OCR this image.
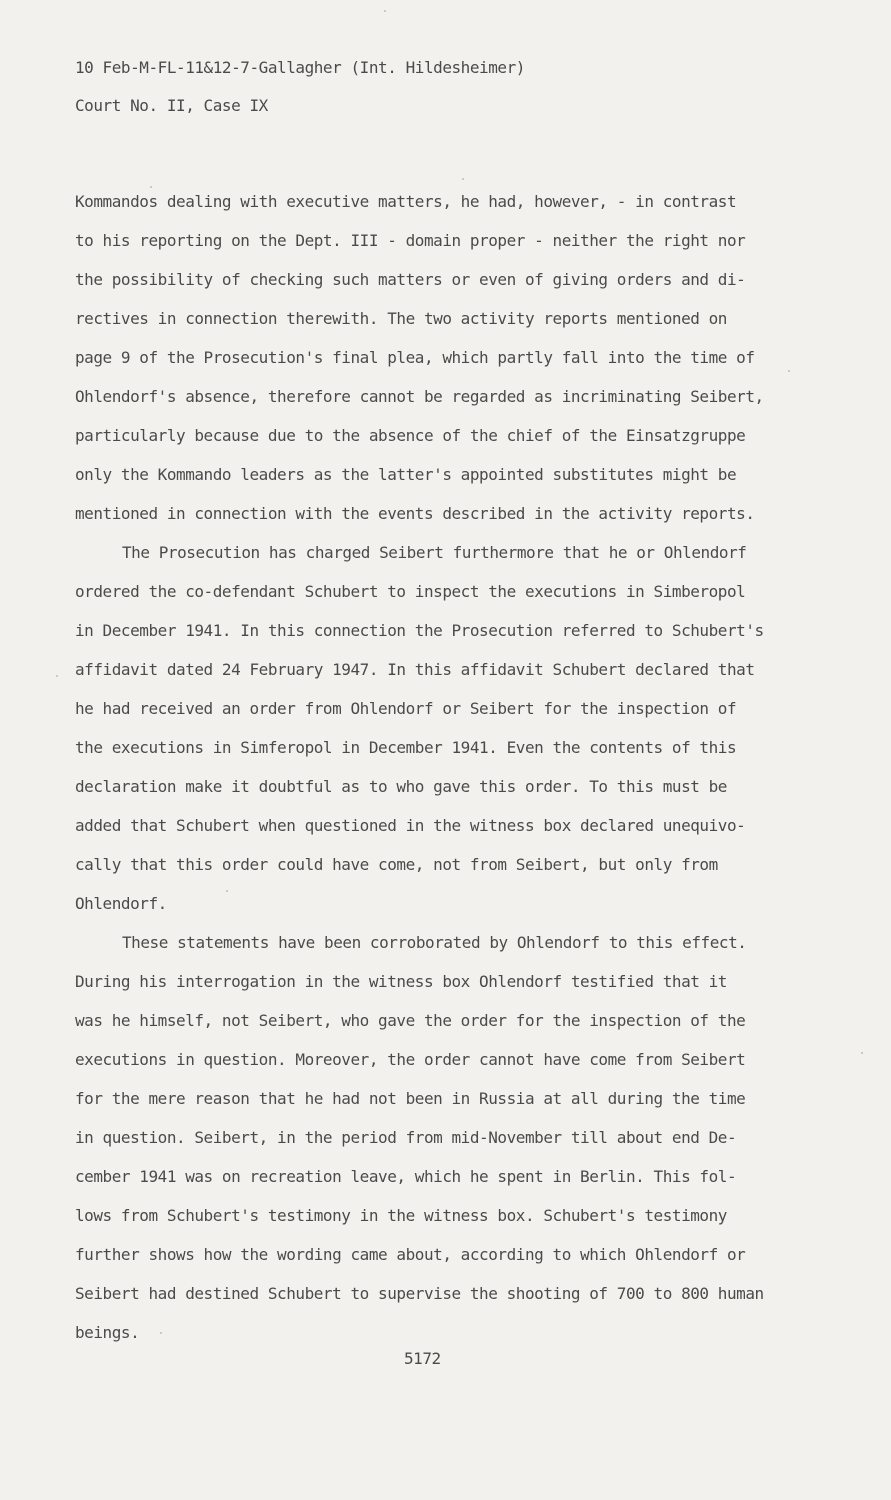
10 Feb-M-FL-11&12-7-Gallagher (Int. Hildesheimer)

Court No. II, Case IX

Kommandos dealing with executive matters, he had, however, - in contrast
to his reporting on the Dept. III - domain proper - neither the right nor
the possibility of checking such matters or even of giving orders and di-
rectives in connection therewith. The two activity reports mentioned on
page 9 of the Prosecution's final plea, which partly fall into the time of
Ohlendorf's absence, therefore cannot be regarded as incriminating Seibert,
particularly because due to the absence of the chief of the Einsatzgruppe
only the Kommando leaders as the latter's appointed substitutes might be
mentioned in connection with the events described in the activity reports.
The Prosecution has charged Seibert furthermore that he or Ohlendorf
ordered the co-defendant Schubert to inspect the executions in Simberopol
in December 1941. In this connection the Prosecution referred to Schubert's
affidavit dated 24 February 1947. In this affidavit Schubert declared that
he had received an order from Ohlendorf or Seibert for the inspection of
the executions in Simferopol in December 1941. Even the contents of this
declaration make it doubtful as to who gave this order. To this must be
added that Schubert when questioned in the witness box declared unequivo-
cally that this order could have come, not from Seibert, but only from
Ohlendorf.
These statements have been corroborated by Ohlendorf to this effect.
During his interrogation in the witness box Ohlendorf testified that it
was he himself, not Seibert, who gave the order for the inspection of the
executions in question. Moreover, the order cannot have come from Seibert
for the mere reason that he had not been in Russia at all during the time
in question. Seibert, in the period from mid-November till about end De-
cember 1941 was on recreation leave, which he spent in Berlin. This fol-
lows from Schubert's testimony in the witness box. Schubert's testimony
further shows how the wording came about, according to which Ohlendorf or
Seibert had destined Schubert to supervise the shooting of 700 to 800 human
beings.

5172
